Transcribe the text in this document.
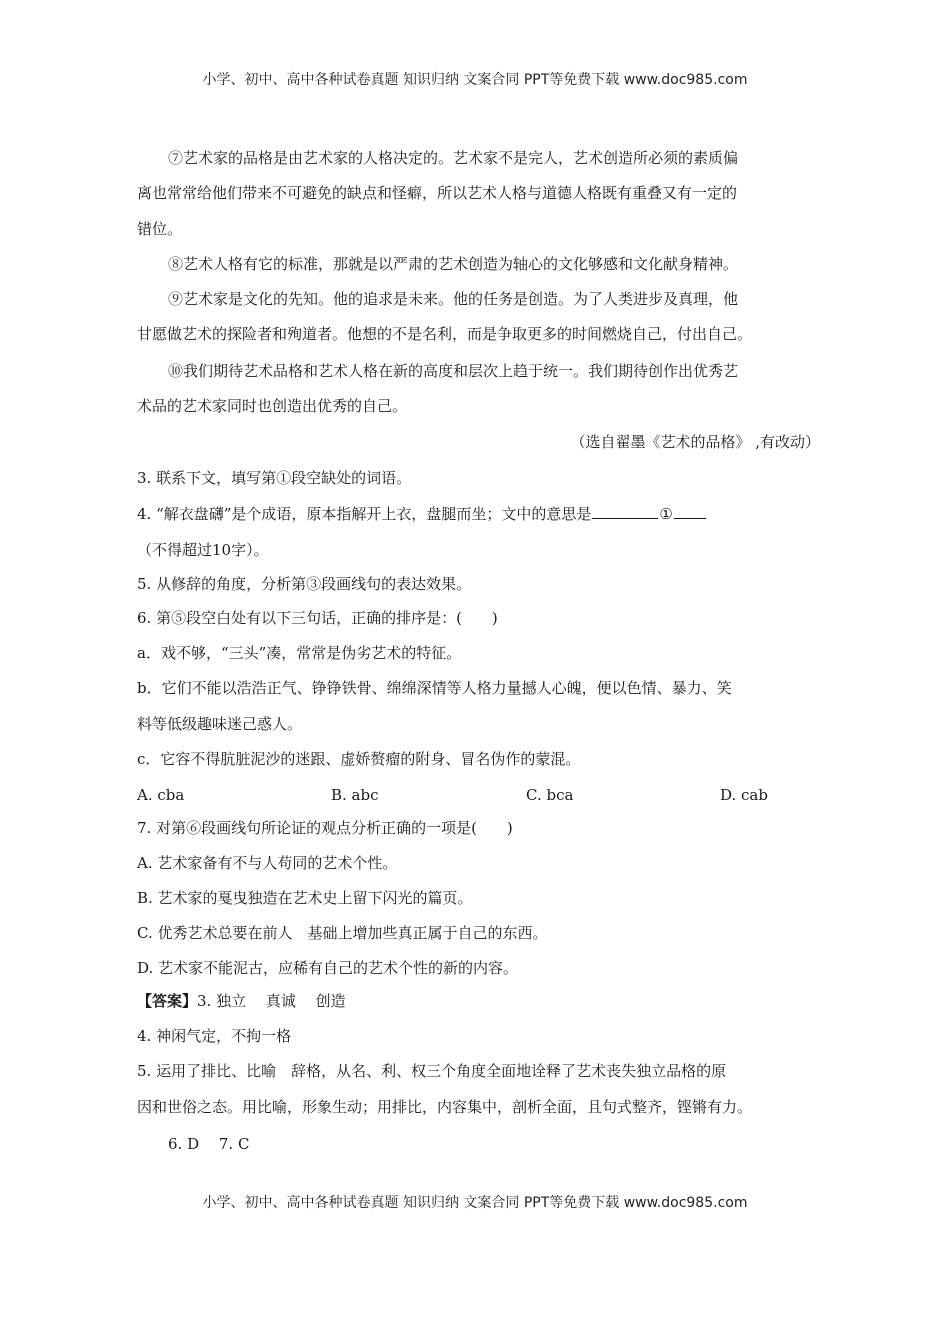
小学、初中、高中各种试卷真题 知识归纳 文案合同 PPT等免费下载 www.doc985.com
⑦艺术家的品格是由艺术家的人格决定的。艺术家不是完人，艺术创造所必须的素质偏
离也常常给他们带来不可避免的缺点和怪癖，所以艺术人格与道德人格既有重叠又有一定的
错位。
⑧艺术人格有它的标准，那就是以严肃的艺术创造为轴心的文化够感和文化献身精神。
⑨艺术家是文化的先知。他的追求是未来。他的任务是创造。为了人类进步及真理，他
甘愿做艺术的探险者和殉道者。他想的不是名利，而是争取更多的时间燃烧自己，付出自己。
⑩我们期待艺术品格和艺术人格在新的高度和层次上趋于统一。我们期待创作出优秀艺
术品的艺术家同时也创造出优秀的自己。
（选自翟墨《艺术的品格》 ,有改动）
3. 联系下文，填写第①段空缺处的词语。
4. “解衣盘礴”是个成语，原本指解开上衣，盘腿而坐；文中的意思是	①
（不得超过10字）。
5. 从修辞的角度，分析第③段画线句的表达效果。
6. 第⑤段空白处有以下三句话，正确的排序是：(　　)
a．戏不够，“三头”凑，常常是伪劣艺术的特征。
b．它们不能以浩浩正气、铮铮铁骨、绵绵深情等人格力量撼人心魄，便以色情、暴力、笑
料等低级趣味迷己惑人。
c．它容不得肮脏泥沙的迷跟、虚娇赘瘤的附身、冒名伪作的蒙混。
A. cba	B. abc	C. bca	D. cab
7. 对第⑥段画线句所论证的观点分析正确的一项是(　　)
A. 艺术家备有不与人苟同的艺术个性。
B. 艺术家的戛曳独造在艺术史上留下闪光的篇页。
C. 优秀艺术总要在前人　基础上增加些真正属于自己的东西。
D. 艺术家不能泥古，应稀有自己的艺术个性的新的内容。
【答案】3. 独立　 真诚　 创造
4. 神闲气定，不拘一格
5. 运用了排比、比喻　辞格，从名、利、权三个角度全面地诠释了艺术丧失独立品格的原
因和世俗之态。用比喻，形象生动；用排比，内容集中，剖析全面，且句式整齐，铿锵有力。
6. D　 7. C
小学、初中、高中各种试卷真题 知识归纳 文案合同 PPT等免费下载 www.doc985.com
